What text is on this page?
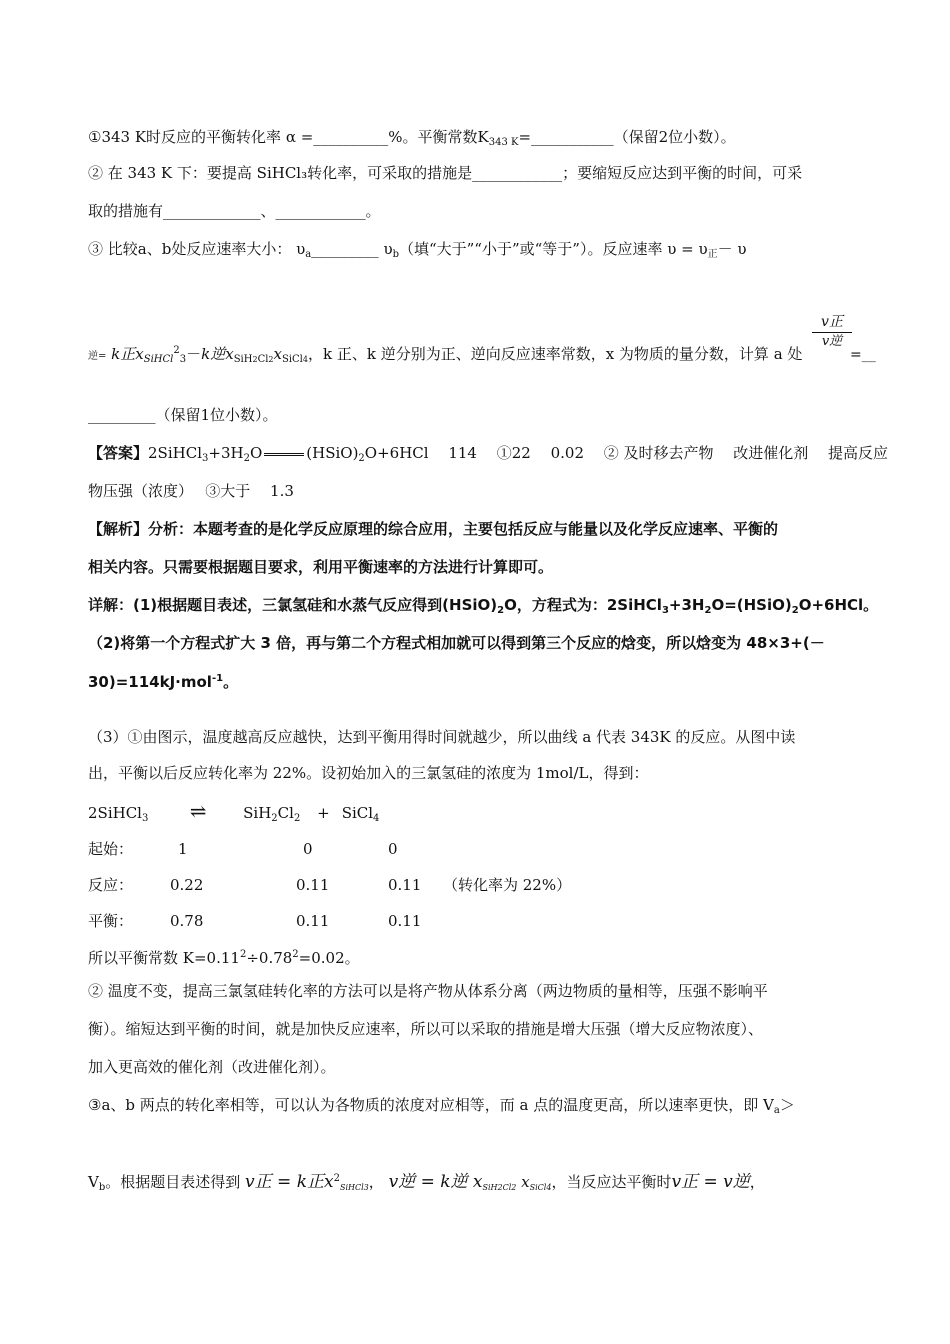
①343 K时反应的平衡转化率 α =__________%。平衡常数$K_{343 K}=\_\_\_\_\_\_\_\_\_\_\_$（保留2位小数）。
② 在 343 K 下：要提高 SiHCl₃转化率，可采取的措施是____________；要缩短反应达到平衡的时间，可采
取的措施有_____________、____________。
③ 比较a、b处反应速率大小： $\upsilon_a\_\_\_\_\_\_\_\_\_$ $\upsilon_b$（填“大于”“小于”或“等于”）。反应速率 $\upsilon = \upsilon_正- \upsilon$
逆= k正$x_{SiHCl}^2_3-k$逆$x_{SiH2Cl2}x_{SiCl4}$，k 正、k 逆分别为正、逆向反应速率常数，x 为物质的量分数，计算 a 处
v正
v逆
=__
_________（保留1位小数）。
【答案】$2SiHCl_3+3H_2O$	$(HSiO)_2O+6HCl$　 114　 ①22　 0.02　 ② 及时移去产物　 改进催化剂　 提高反应
物压强（浓度）　 ③大于　 1.3
【解析】分析：本题考查的是化学反应原理的综合应用，主要包括反应与能量以及化学反应速率、平衡的
相关内容。只需要根据题目要求，利用平衡速率的方法进行计算即可。
详解：(1)根据题目表述，三氯氢硅和水蒸气反应得到$(HSiO)_2O$，方程式为：$2SiHCl_3+3H_2O=(HSiO)_2O+6HCl$。
（2)将第一个方程式扩大 3 倍，再与第二个方程式相加就可以得到第三个反应的焓变，所以焓变为 48×3+(－
30)=114kJ·mol$^{-1}$。
（3）①由图示，温度越高反应越快，达到平衡用得时间就越少，所以曲线 a 代表 343K 的反应。从图中读
出，平衡以后反应转化率为 22%。设初始加入的三氯氢硅的浓度为 1mol/L，得到：
2SiHCl$_3$ ⇌ $SiH_2Cl_2$ + SiCl$_4$
起始：	1	0	0
反应： 0.22	0.11	0.11 （转化率为 22%）
平衡： 0.78	0.11	0.11
所以平衡常数 $K=0.11^2\div 0.78^2=0.02$。
② 温度不变，提高三氯氢硅转化率的方法可以是将产物从体系分离（两边物质的量相等，压强不影响平
衡）。缩短达到平衡的时间，就是加快反应速率，所以可以采取的措施是增大压强（增大反应物浓度）、
加入更高效的催化剂（改进催化剂）。
③a、b 两点的转化率相等，可以认为各物质的浓度对应相等，而 a 点的温度更高，所以速率更快，即 $V_a>$
$V_b$。根据题目表述得到 v正 = k正$x^2_{SiHCl3}$， v逆 = k逆 $x_{SiH2Cl2}$ $x_{SiCl4}$，当反应达平衡时v正 = v逆，
